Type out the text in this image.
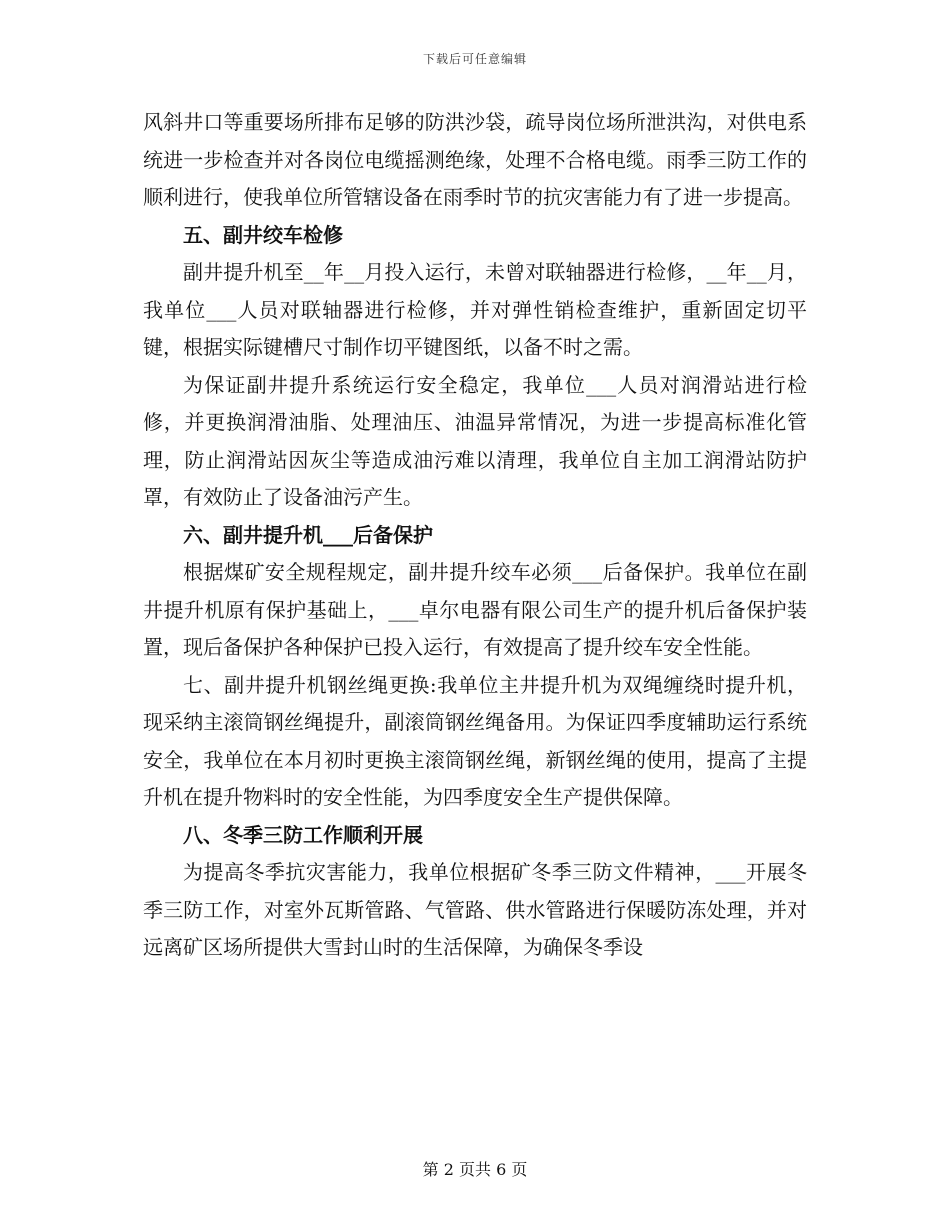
下载后可任意编辑

风斜井口等重要场所排布足够的防洪沙袋，疏导岗位场所泄洪沟，对供电系统进一步检查并对各岗位电缆摇测绝缘，处理不合格电缆。雨季三防工作的顺利进行，使我单位所管辖设备在雨季时节的抗灾害能力有了进一步提高。

五、副井绞车检修

副井提升机至__年__月投入运行，未曾对联轴器进行检修，__年__月，我单位___人员对联轴器进行检修，并对弹性销检查维护，重新固定切平键，根据实际键槽尺寸制作切平键图纸，以备不时之需。

为保证副井提升系统运行安全稳定，我单位___人员对润滑站进行检修，并更换润滑油脂、处理油压、油温异常情况，为进一步提高标准化管理，防止润滑站因灰尘等造成油污难以清理，我单位自主加工润滑站防护罩，有效防止了设备油污产生。

六、副井提升机___后备保护

根据煤矿安全规程规定，副井提升绞车必须___后备保护。我单位在副井提升机原有保护基础上，___卓尔电器有限公司生产的提升机后备保护装置，现后备保护各种保护已投入运行，有效提高了提升绞车安全性能。

七、副井提升机钢丝绳更换:我单位主井提升机为双绳缠绕时提升机，现采纳主滚筒钢丝绳提升，副滚筒钢丝绳备用。为保证四季度辅助运行系统安全，我单位在本月初时更换主滚筒钢丝绳，新钢丝绳的使用，提高了主提升机在提升物料时的安全性能，为四季度安全生产提供保障。

八、冬季三防工作顺利开展

为提高冬季抗灾害能力，我单位根据矿冬季三防文件精神，___开展冬季三防工作，对室外瓦斯管路、气管路、供水管路进行保暖防冻处理，并对远离矿区场所提供大雪封山时的生活保障，为确保冬季设

第 2 页共 6 页
